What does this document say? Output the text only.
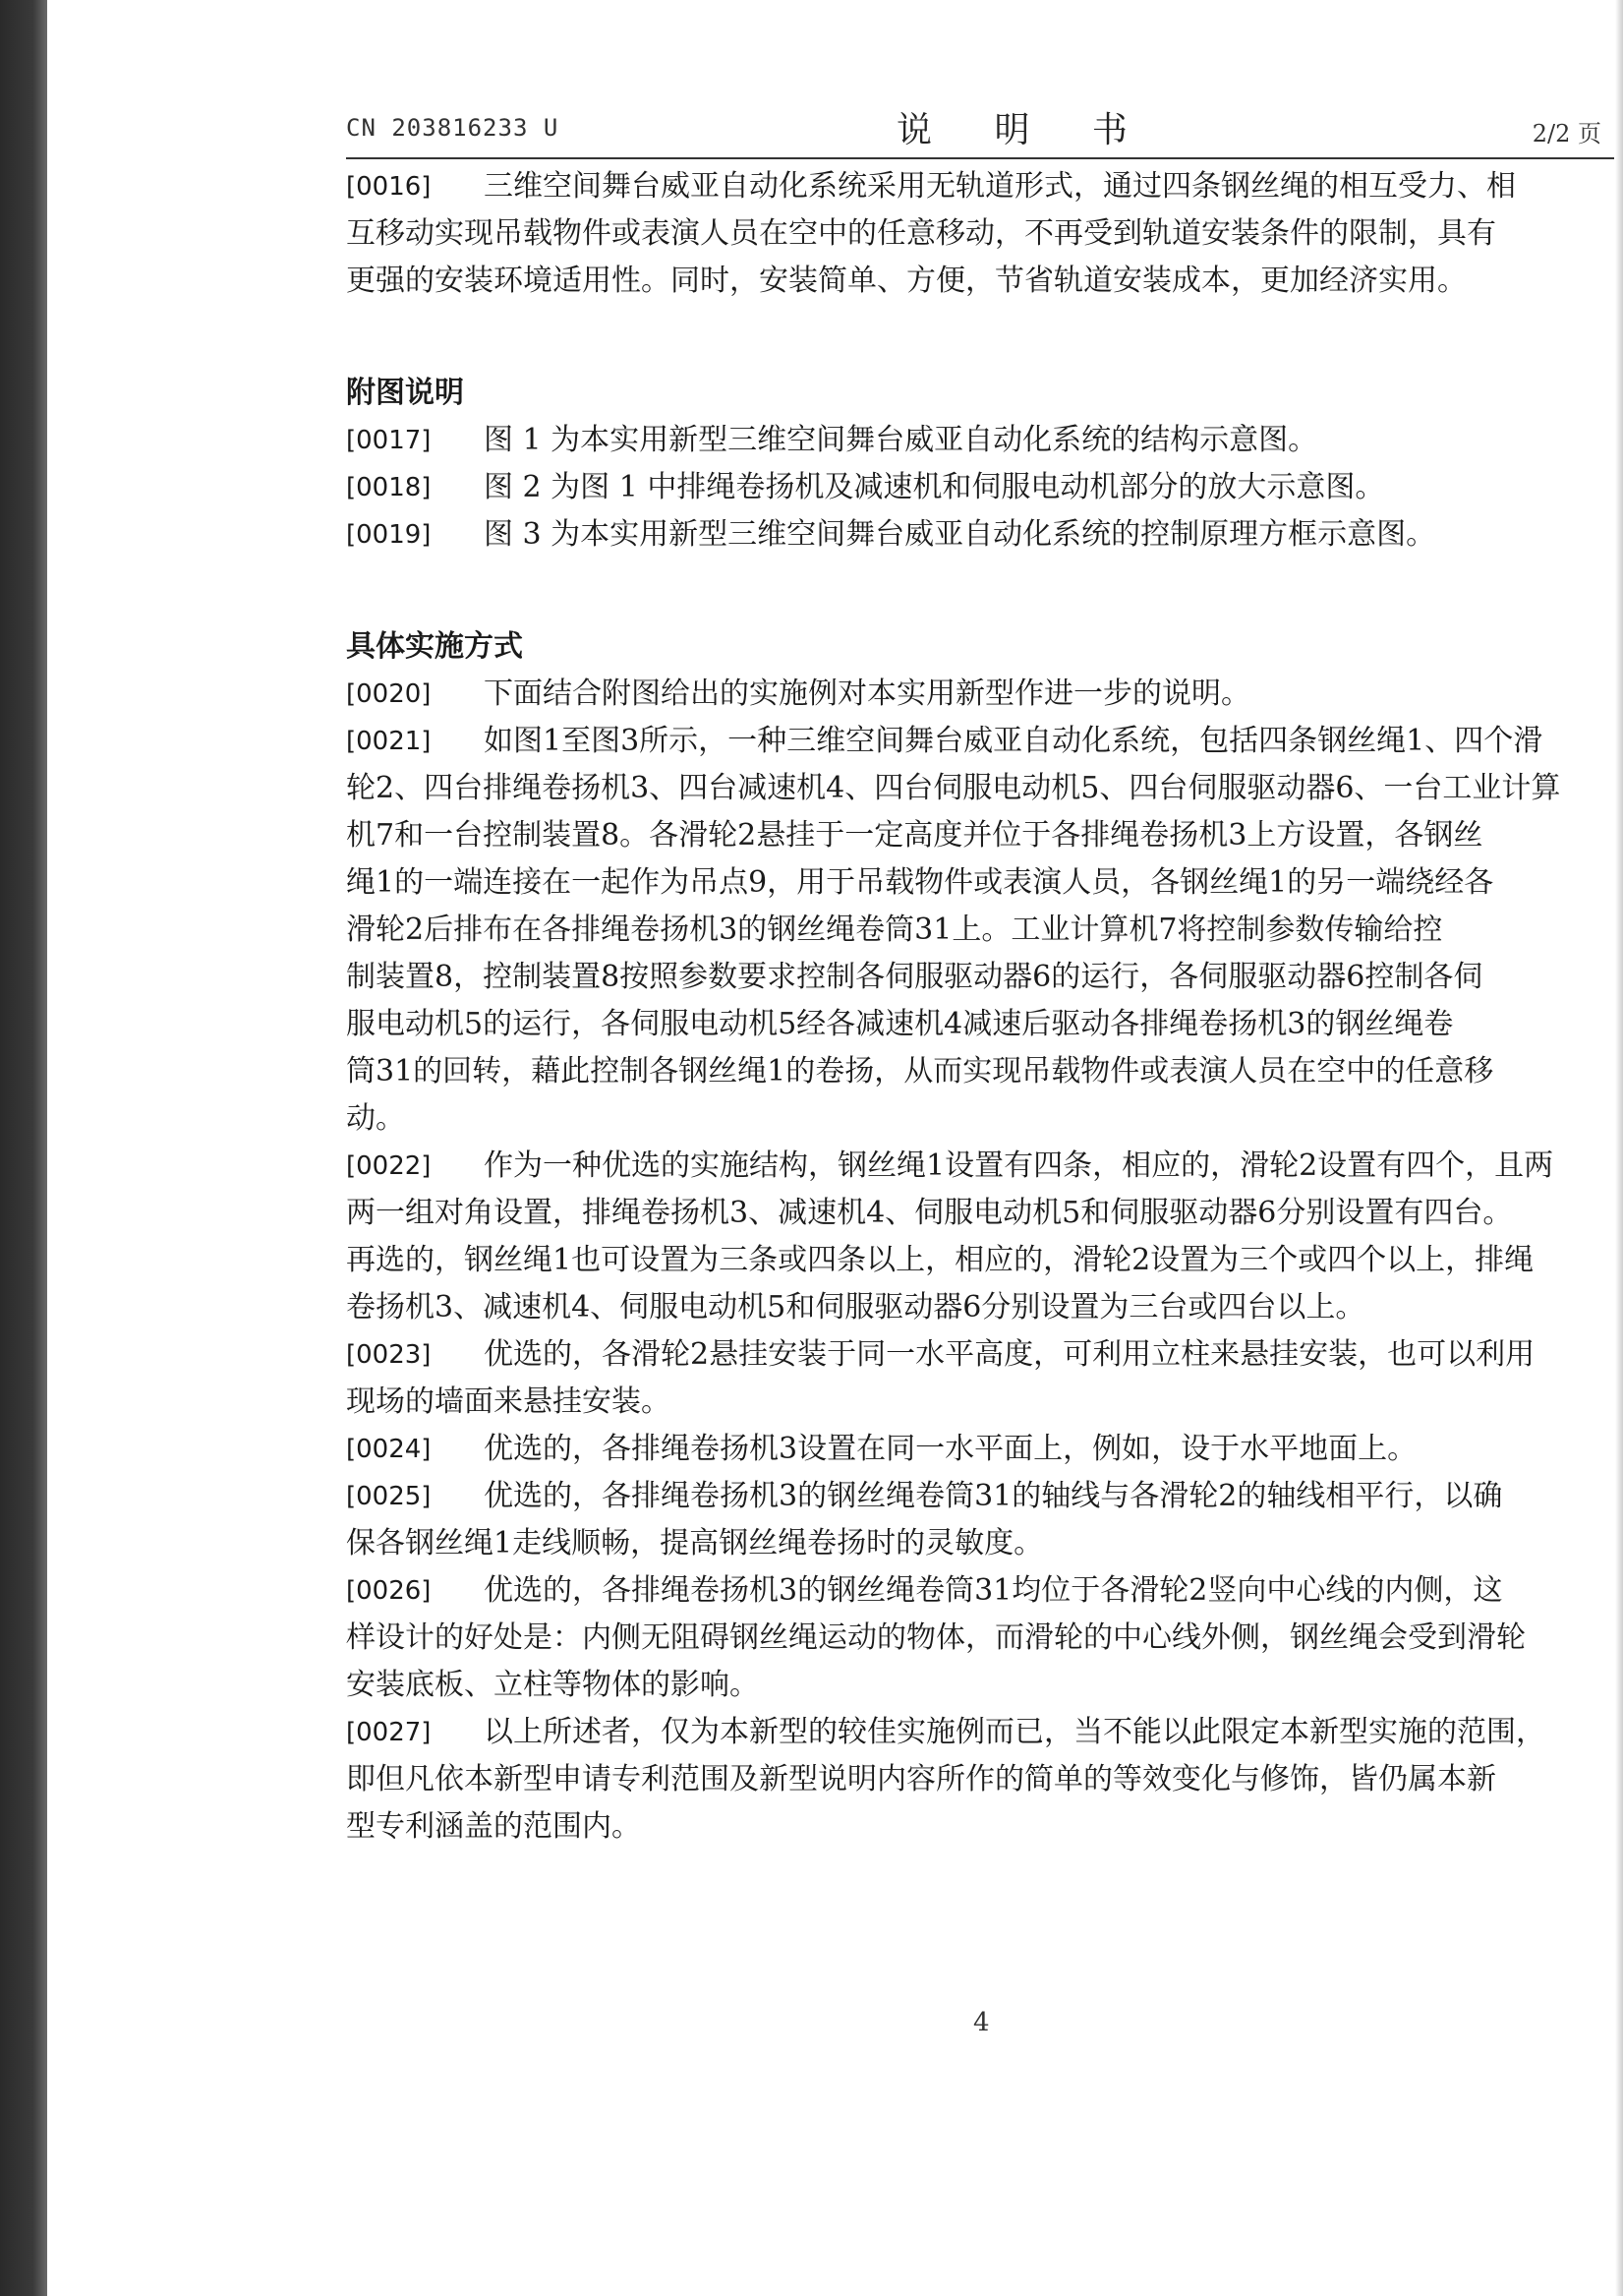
CN 203816233 U	说 明 书	2/2 页
[0016]	三维空间舞台威亚自动化系统采用无轨道形式，通过四条钢丝绳的相互受力、相
互移动实现吊载物件或表演人员在空中的任意移动，不再受到轨道安装条件的限制，具有
更强的安装环境适用性。同时，安装简单、方便，节省轨道安装成本，更加经济实用。
附图说明
[0017]	图 1 为本实用新型三维空间舞台威亚自动化系统的结构示意图。
[0018]	图 2 为图 1 中排绳卷扬机及减速机和伺服电动机部分的放大示意图。
[0019]	图 3 为本实用新型三维空间舞台威亚自动化系统的控制原理方框示意图。
具体实施方式
[0020]	下面结合附图给出的实施例对本实用新型作进一步的说明。
[0021]	如图1至图3所示，一种三维空间舞台威亚自动化系统，包括四条钢丝绳1、四个滑
轮2、四台排绳卷扬机3、四台减速机4、四台伺服电动机5、四台伺服驱动器6、一台工业计算
机7和一台控制装置8。各滑轮2悬挂于一定高度并位于各排绳卷扬机3上方设置，各钢丝
绳1的一端连接在一起作为吊点9，用于吊载物件或表演人员，各钢丝绳1的另一端绕经各
滑轮2后排布在各排绳卷扬机3的钢丝绳卷筒31上。工业计算机7将控制参数传输给控
制装置8，控制装置8按照参数要求控制各伺服驱动器6的运行，各伺服驱动器6控制各伺
服电动机5的运行，各伺服电动机5经各减速机4减速后驱动各排绳卷扬机3的钢丝绳卷
筒31的回转，藉此控制各钢丝绳1的卷扬，从而实现吊载物件或表演人员在空中的任意移
动。
[0022]	作为一种优选的实施结构，钢丝绳1设置有四条，相应的，滑轮2设置有四个，且两
两一组对角设置，排绳卷扬机3、减速机4、伺服电动机5和伺服驱动器6分别设置有四台。
再选的，钢丝绳1也可设置为三条或四条以上，相应的，滑轮2设置为三个或四个以上，排绳
卷扬机3、减速机4、伺服电动机5和伺服驱动器6分别设置为三台或四台以上。
[0023]	优选的，各滑轮2悬挂安装于同一水平高度，可利用立柱来悬挂安装，也可以利用
现场的墙面来悬挂安装。
[0024]	优选的，各排绳卷扬机3设置在同一水平面上，例如，设于水平地面上。
[0025]	优选的，各排绳卷扬机3的钢丝绳卷筒31的轴线与各滑轮2的轴线相平行，以确
保各钢丝绳1走线顺畅，提高钢丝绳卷扬时的灵敏度。
[0026]	优选的，各排绳卷扬机3的钢丝绳卷筒31均位于各滑轮2竖向中心线的内侧，这
样设计的好处是：内侧无阻碍钢丝绳运动的物体，而滑轮的中心线外侧，钢丝绳会受到滑轮
安装底板、立柱等物体的影响。
[0027]	以上所述者，仅为本新型的较佳实施例而已，当不能以此限定本新型实施的范围，
即但凡依本新型申请专利范围及新型说明内容所作的简单的等效变化与修饰，皆仍属本新
型专利涵盖的范围内。
4
